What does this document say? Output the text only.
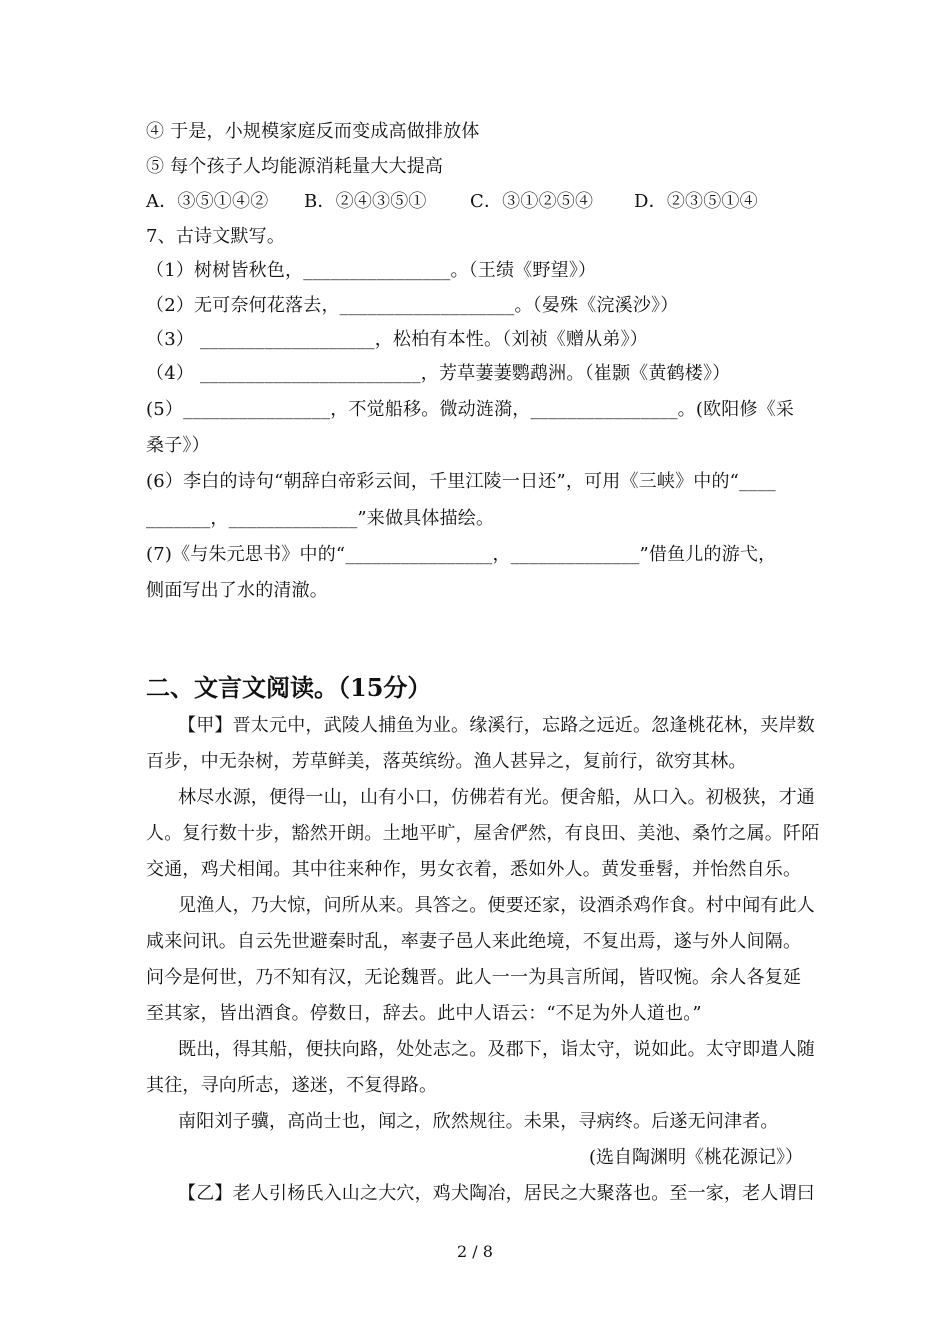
④ 于是，小规模家庭反而变成高做排放体
⑤ 每个孩子人均能源消耗量大大提高
A．③⑤①④② B．②④③⑤① C．③①②⑤④ D．②③⑤①④
7、古诗文默写。
（1）树树皆秋色，________________。（王绩《野望》）
（2）无可奈何花落去，___________________。（晏殊《浣溪沙》）
（3） ___________________，松柏有本性。（刘祯《赠从弟》）
（4） ________________________，芳草萋萋鹦鹉洲。（崔颢《黄鹤楼》）
(5）________________，不觉船移。微动涟漪，________________。(欧阳修《采
桑子》）
(6）李白的诗句“朝辞白帝彩云间，千里江陵一日还”，可用《三峡》中的“____
_______，______________”来做具体描绘。
(7)《与朱元思书》中的“________________，______________”借鱼儿的游弋，
侧面写出了水的清澈。
二、文言文阅读。（15分）
【甲】晋太元中，武陵人捕鱼为业。缘溪行，忘路之远近。忽逢桃花林，夹岸数
百步，中无杂树，芳草鲜美，落英缤纷。渔人甚异之，复前行，欲穷其林。
林尽水源，便得一山，山有小口，仿佛若有光。便舍船，从口入。初极狭，才通
人。复行数十步，豁然开朗。土地平旷，屋舍俨然，有良田、美池、桑竹之属。阡陌
交通，鸡犬相闻。其中往来种作，男女衣着，悉如外人。黄发垂髫，并怡然自乐。
见渔人，乃大惊，问所从来。具答之。便要还家，设酒杀鸡作食。村中闻有此人
咸来问讯。自云先世避秦时乱，率妻子邑人来此绝境，不复出焉，遂与外人间隔。
问今是何世，乃不知有汉，无论魏晋。此人一一为具言所闻，皆叹惋。余人各复延
至其家，皆出酒食。停数日，辞去。此中人语云：“不足为外人道也。”
既出，得其船，便扶向路，处处志之。及郡下，诣太守，说如此。太守即遣人随
其往，寻向所志，遂迷，不复得路。
南阳刘子骥，高尚士也，闻之，欣然规往。未果，寻病终。后遂无问津者。
(选自陶渊明《桃花源记》）
【乙】老人引杨氏入山之大穴，鸡犬陶冶，居民之大聚落也。至一家，老人谓曰
2 / 8
